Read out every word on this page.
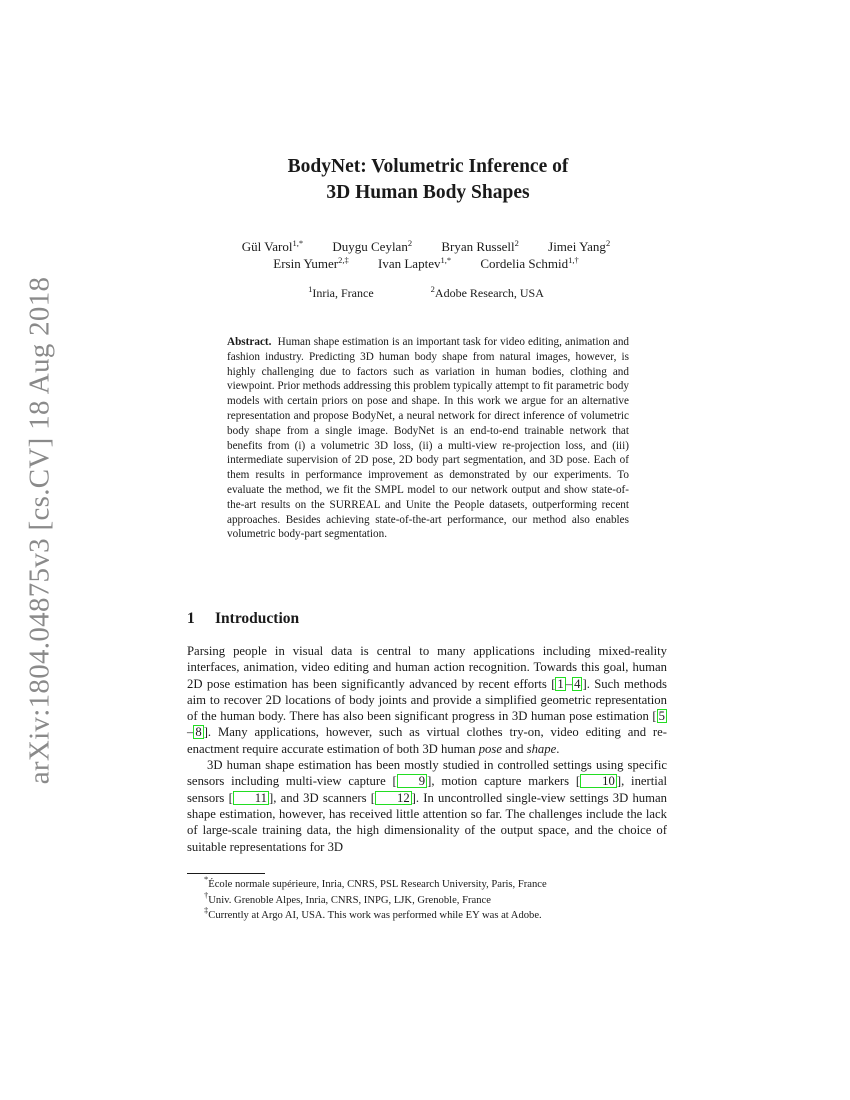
arXiv:1804.04875v3 [cs.CV] 18 Aug 2018
BodyNet: Volumetric Inference of
3D Human Body Shapes
Gül Varol$^{1,*}$ Duygu Ceylan$^2$ Bryan Russell$^2$ Jimei Yang$^2$
Ersin Yumer$^{2,\ddagger}$ Ivan Laptev$^{1,*}$ Cordelia Schmid$^{1,\dagger}$
$^1$Inria, France	$^2$Adobe Research, USA
Abstract. Human shape estimation is an important task for video editing, animation and fashion industry. Predicting 3D human body shape from natural images, however, is highly challenging due to factors such as variation in human bodies, clothing and viewpoint. Prior methods addressing this problem typically attempt to fit parametric body models with certain priors on pose and shape. In this work we argue for an alternative representation and propose BodyNet, a neural network for direct inference of volumetric body shape from a single image. BodyNet is an end-to-end trainable network that benefits from (i) a volumetric 3D loss, (ii) a multi-view re-projection loss, and (iii) intermediate supervision of 2D pose, 2D body part segmentation, and 3D pose. Each of them results in performance improvement as demonstrated by our experiments. To evaluate the method, we fit the SMPL model to our network output and show state-of-the-art results on the SURREAL and Unite the People datasets, outperforming recent approaches. Besides achieving state-of-the-art performance, our method also enables volumetric body-part segmentation.
1 Introduction

Parsing people in visual data is central to many applications including mixed-reality interfaces, animation, video editing and human action recognition. Towards this goal, human 2D pose estimation has been significantly advanced by recent efforts [ 1 – 4 ]. Such methods aim to recover 2D locations of body joints and provide a simplified geometric representation of the human body. There has also been significant progress in 3D human pose estimation [ 5– 8 ]. Many applications, however, such as virtual clothes try-on, video editing and re-enactment require accurate estimation of both 3D human pose and shape.

3D human shape estimation has been mostly studied in controlled settings using specific sensors including multi-view capture [ 9 ], motion capture markers [ 10 ], inertial sensors [ 11 ], and 3D scanners [ 12 ]. In uncontrolled single-view settings 3D human shape estimation, however, has received little attention so far. The challenges include the lack of large-scale training data, the high dimensionality of the output space, and the choice of suitable representations for 3D

*École normale supérieure, Inria, CNRS, PSL Research University, Paris, France
†Univ. Grenoble Alpes, Inria, CNRS, INPG, LJK, Grenoble, France
‡Currently at Argo AI, USA. This work was performed while EY was at Adobe.
